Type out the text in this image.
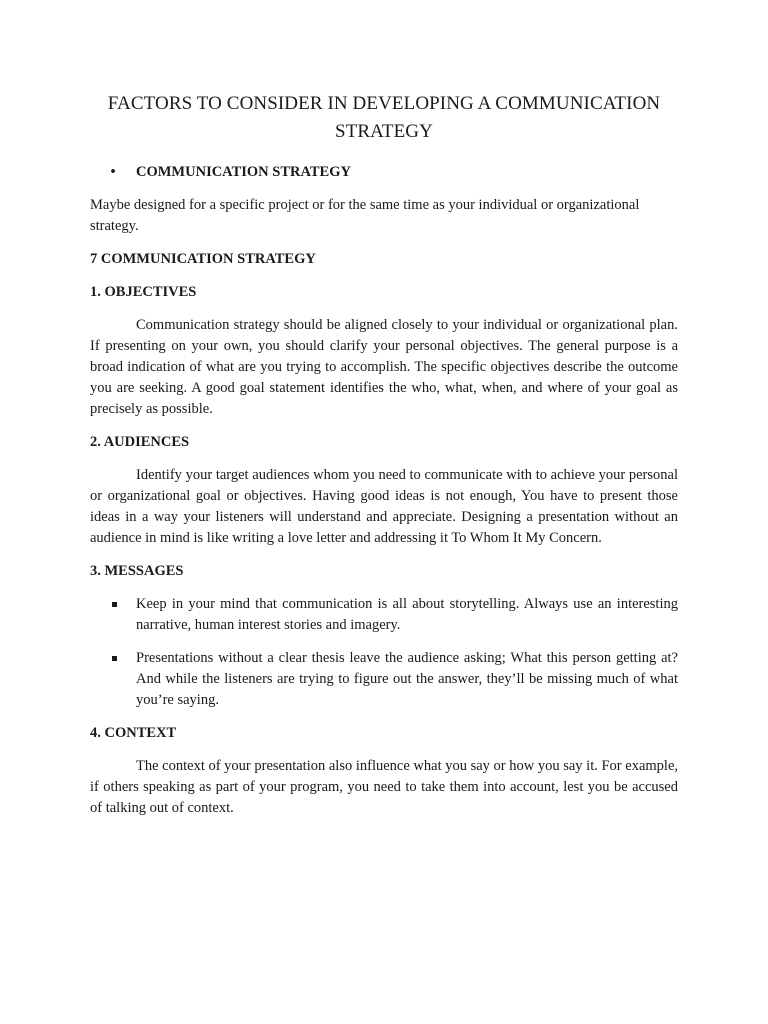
FACTORS TO CONSIDER IN DEVELOPING A COMMUNICATION STRATEGY
•	COMMUNICATION STRATEGY

Maybe designed for a specific project or for the same time as your individual or organizational strategy.

7 COMMUNICATION STRATEGY
1. OBJECTIVES

Communication strategy should be aligned closely to your individual or organizational plan. If presenting on your own, you should clarify your personal objectives. The general purpose is a broad indication of what are you trying to accomplish. The specific objectives describe the outcome you are seeking. A good goal statement identifies the who, what, when, and where of your goal as precisely as possible.

2. AUDIENCES

Identify your target audiences whom you need to communicate with to achieve your personal or organizational goal or objectives. Having good ideas is not enough, You have to present those ideas in a way your listeners will understand and appreciate. Designing a presentation without an audience in mind is like writing a love letter and addressing it To Whom It My Concern.

3. MESSAGES
Keep in your mind that communication is all about storytelling. Always use an interesting narrative, human interest stories and imagery.
Presentations without a clear thesis leave the audience asking; What this person getting at? And while the listeners are trying to figure out the answer, they’ll be missing much of what you’re saying.
4. CONTEXT

The context of your presentation also influence what you say or how you say it. For example, if others speaking as part of your program, you need to take them into account, lest you be accused of talking out of context.
